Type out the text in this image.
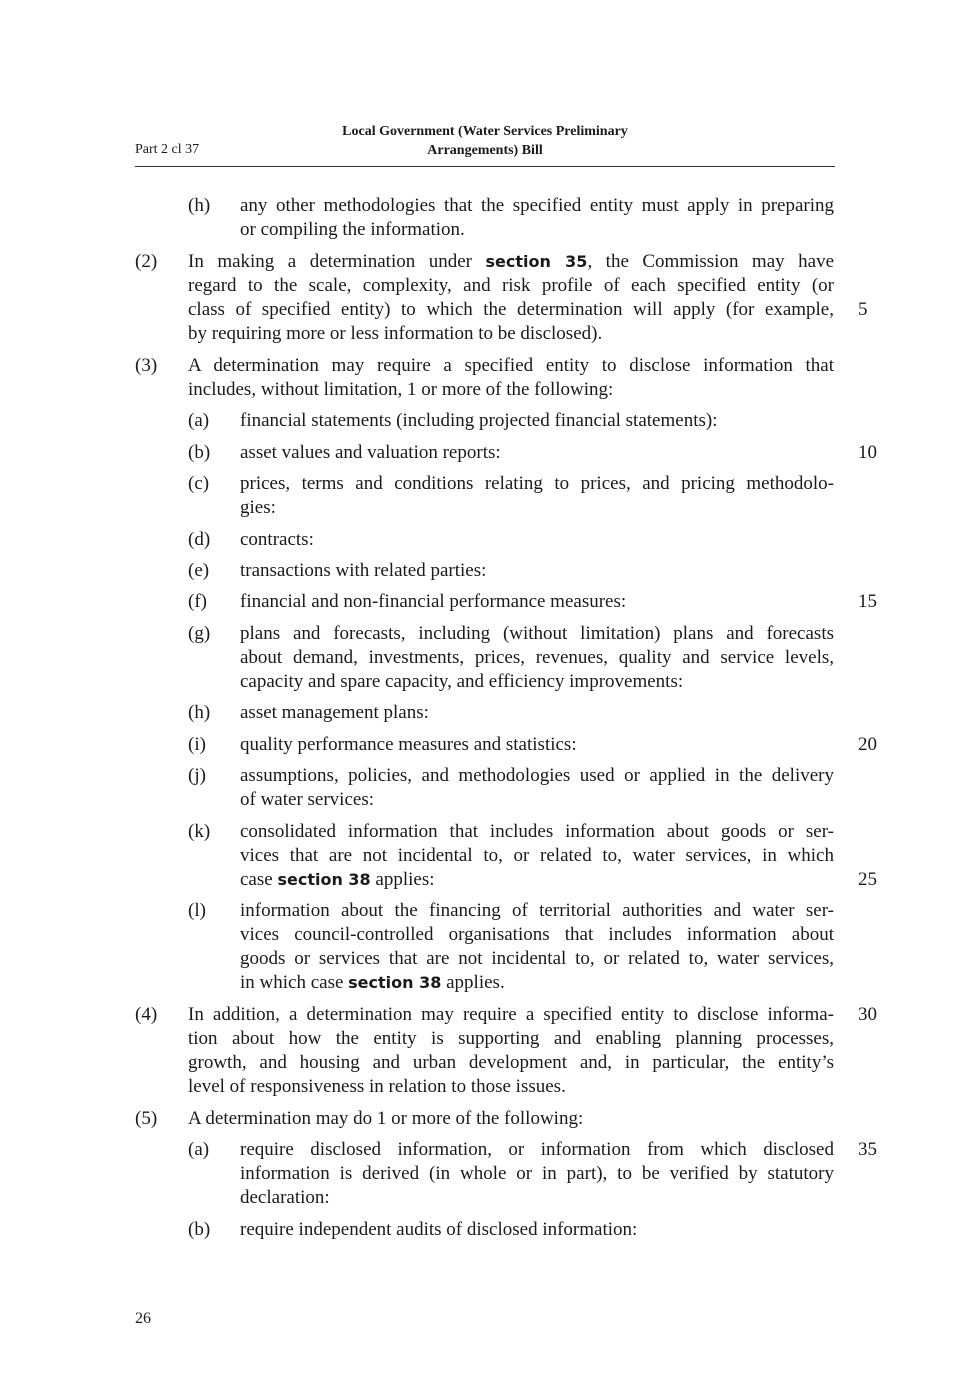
Part 2 cl 37
Local Government (Water Services Preliminary
Arrangements) Bill
(h) any other methodologies that the specified entity must apply in preparing
or compiling the information.
(2) In making a determination under section 35, the Commission may have
regard to the scale, complexity, and risk profile of each specified entity (or
class of specified entity) to which the determination will apply (for example,
by requiring more or less information to be disclosed).
5
(3) A determination may require a specified entity to disclose information that
includes, without limitation, 1 or more of the following:
(a) financial statements (including projected financial statements):
(b) asset values and valuation reports:	10
(c) prices, terms and conditions relating to prices, and pricing methodolo-
gies:
(d) contracts:
(e) transactions with related parties:
(f) financial and non-financial performance measures:	15
(g) plans and forecasts, including (without limitation) plans and forecasts
about demand, investments, prices, revenues, quality and service levels,
capacity and spare capacity, and efficiency improvements:
(h) asset management plans:
(i) quality performance measures and statistics:	20
(j) assumptions, policies, and methodologies used or applied in the delivery
of water services:
(k) consolidated information that includes information about goods or ser-
vices that are not incidental to, or related to, water services, in which
case section 38 applies:	25
(l) information about the financing of territorial authorities and water ser-
vices council-controlled organisations that includes information about
goods or services that are not incidental to, or related to, water services,
in which case section 38 applies.
(4) In addition, a determination may require a specified entity to disclose informa-
tion about how the entity is supporting and enabling planning processes,
growth, and housing and urban development and, in particular, the entity’s
level of responsiveness in relation to those issues.
30
(5) A determination may do 1 or more of the following:
(a) require disclosed information, or information from which disclosed
information is derived (in whole or in part), to be verified by statutory
declaration:
35
(b) require independent audits of disclosed information:
26
